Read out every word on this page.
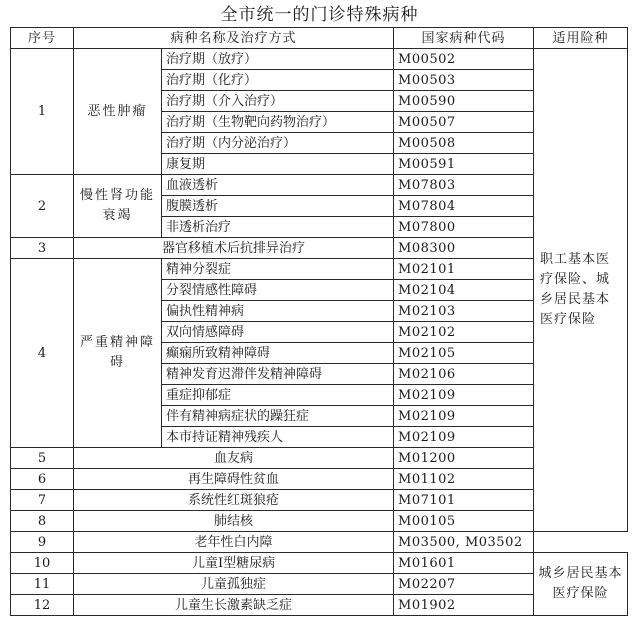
全市统一的门诊特殊病种
序号	病种名称及治疗方式		国家病种代码	适用险种
1	恶性肿瘤	治疗期（放疗）	M00502	职工基本医疗保险、城乡居民基本医疗保险
		治疗期（化疗）	M00503	
		治疗期（介入治疗）	M00590	
		治疗期（生物靶向药物治疗）	M00507	
		治疗期（内分泌治疗）	M00508	
		康复期	M00591	
2	慢性肾功能衰竭	血液透析	M07803	
		腹膜透析	M07804	
		非透析治疗	M07800	
3	器官移植术后抗排异治疗		M08300	
4	严重精神障碍	精神分裂症	M02101	
		分裂情感性障碍	M02104	
		偏执性精神病	M02103	
		双向情感障碍	M02102	
		癫痫所致精神障碍	M02105	
		精神发育迟滞伴发精神障碍	M02106	
		重症抑郁症	M02109	
		伴有精神病症状的躁狂症	M02109	
		本市持证精神残疾人	M02109	
5	血友病		M01200	
6	再生障碍性贫血		M01102	
7	系统性红斑狼疮		M07101	
8	肺结核		M00105	
9	老年性白内障		M03500, M03502	
10	儿童Ⅰ型糖尿病		M01601	城乡居民基本医疗保险
11	儿童孤独症		M02207	
12	儿童生长激素缺乏症		M01902	
